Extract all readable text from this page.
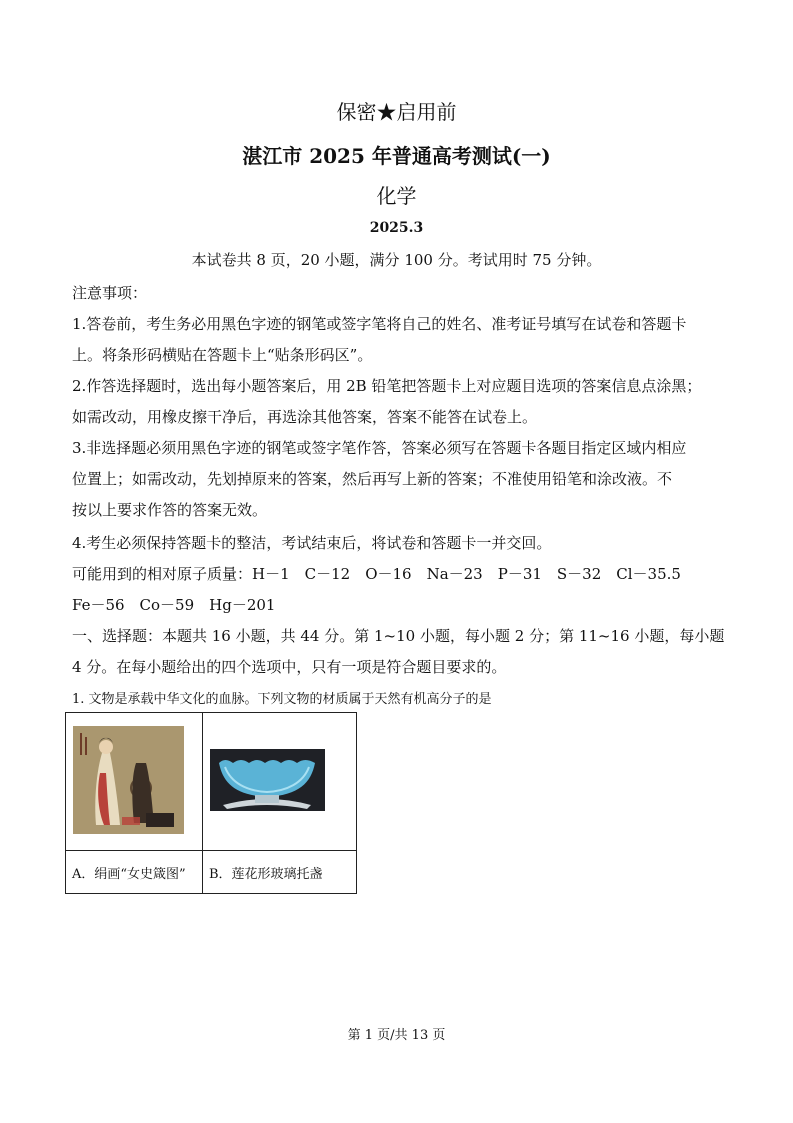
保密★启用前
湛江市 2025 年普通高考测试(一)
化学
2025.3
本试卷共 8 页，20 小题，满分 100 分。考试用时 75 分钟。
注意事项：
1.答卷前，考生务必用黑色字迹的钢笔或签字笔将自己的姓名、准考证号填写在试卷和答题卡
上。将条形码横贴在答题卡上“贴条形码区”。
2.作答选择题时，选出每小题答案后，用 2B 铅笔把答题卡上对应题目选项的答案信息点涂黑；
如需改动，用橡皮擦干净后，再选涂其他答案，答案不能答在试卷上。
3.非选择题必须用黑色字迹的钢笔或签字笔作答，答案必须写在答题卡各题目指定区域内相应
位置上；如需改动，先划掉原来的答案，然后再写上新的答案；不准使用铅笔和涂改液。不
按以上要求作答的答案无效。
4.考生必须保持答题卡的整洁，考试结束后，将试卷和答题卡一并交回。
可能用到的相对原子质量：H－1　C－12　O－16　Na－23　P－31　S－32　Cl－35.5
Fe－56　Co－59　Hg－201
一、选择题：本题共 16 小题，共 44 分。第 1~10 小题，每小题 2 分；第 11~16 小题，每小题
4 分。在每小题给出的四个选项中，只有一项是符合题目要求的。
1. 文物是承载中华文化的血脉。下列文物的材质属于天然有机高分子的是

A．绢画“女史箴图”	B．莲花形玻璃托盏
第 1 页/共 13 页
